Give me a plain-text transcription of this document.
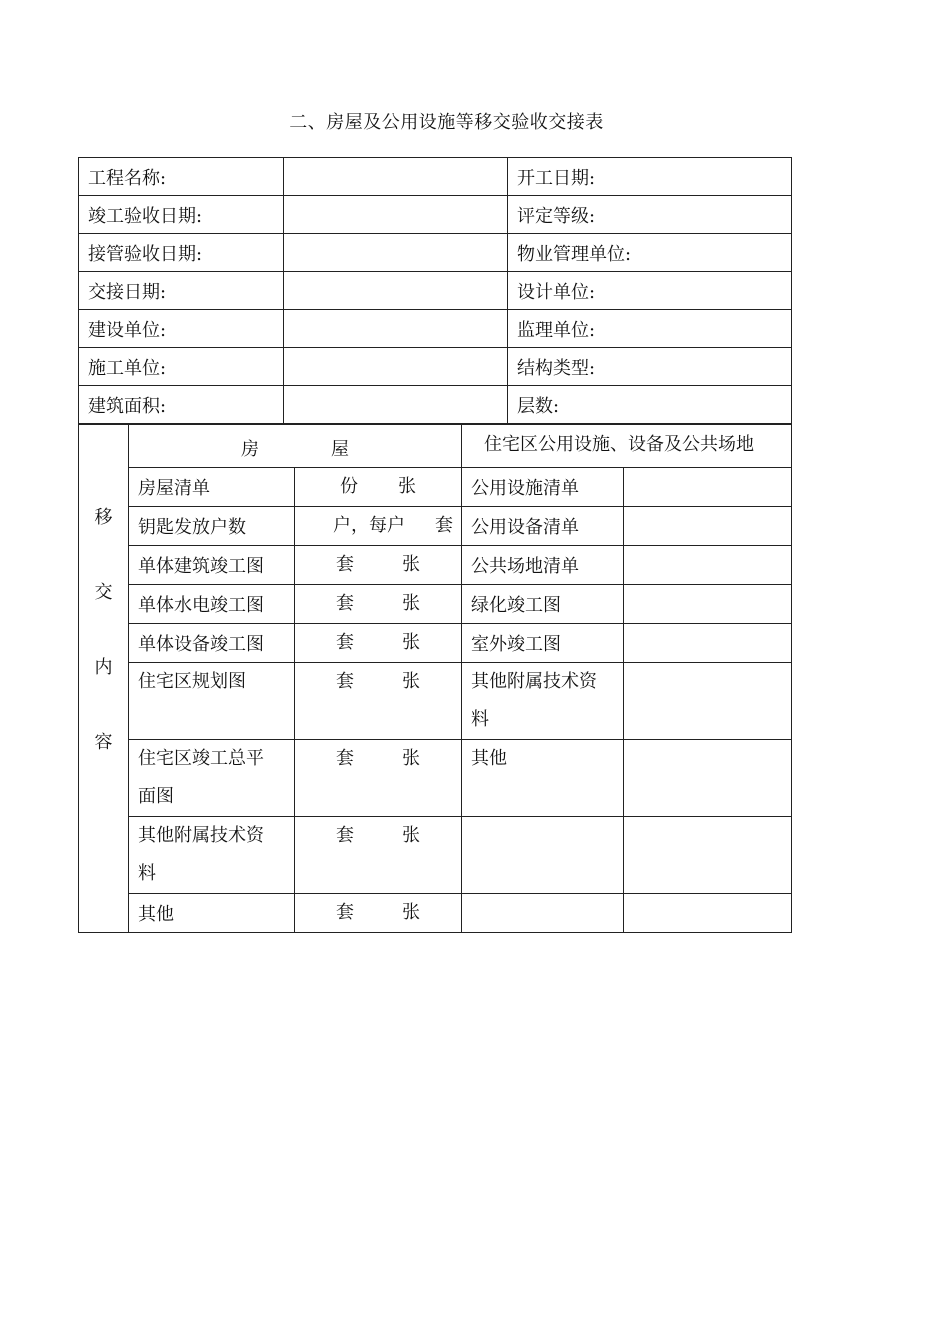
二、房屋及公用设施等移交验收交接表
工程名称:		开工日期:
竣工验收日期:		评定等级:
接管验收日期:		物业管理单位:
交接日期:		设计单位:
建设单位:		监理单位:
施工单位:		结构类型:
建筑面积:		层数:
移
交
内
容	房 屋		住宅区公用设施、设备及公共场地	
	房屋清单	份 张	公用设施清单	
	钥匙发放户数	户，每户 套	公用设备清单	
	单体建筑竣工图	套 张	公共场地清单	
	单体水电竣工图	套 张	绿化竣工图	
	单体设备竣工图	套 张	室外竣工图	
	住宅区规划图	套 张	其他附属技术资料	
	住宅区竣工总平面图	套 张	其他	
	其他附属技术资料	套 张		
	其他	套 张		
